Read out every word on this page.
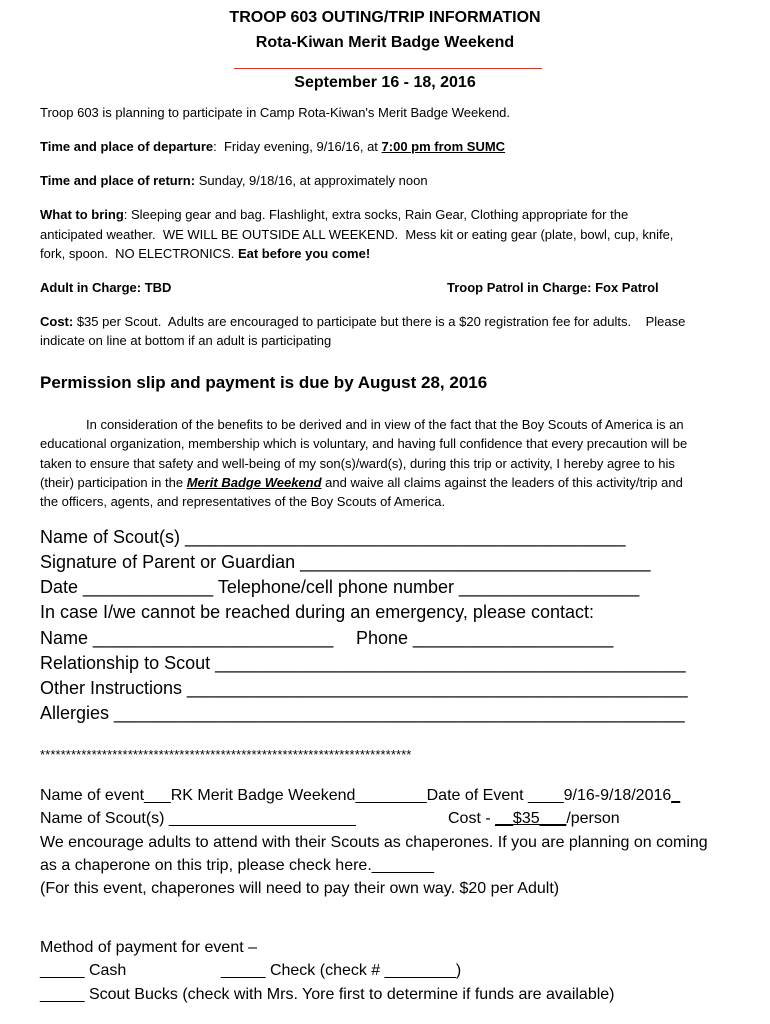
TROOP 603 OUTING/TRIP INFORMATION
Rota-Kiwan Merit Badge Weekend
September 16 - 18, 2016
Troop 603 is planning to participate in Camp Rota-Kiwan's Merit Badge Weekend.
Time and place of departure:  Friday evening, 9/16/16, at 7:00 pm from SUMC
Time and place of return: Sunday, 9/18/16, at approximately noon
What to bring: Sleeping gear and bag. Flashlight, extra socks, Rain Gear, Clothing appropriate for the
anticipated weather.  WE WILL BE OUTSIDE ALL WEEKEND.  Mess kit or eating gear (plate, bowl, cup, knife,
fork, spoon.  NO ELECTRONICS. Eat before you come!
Adult in Charge: TBD	Troop Patrol in Charge: Fox Patrol
Cost: $35 per Scout.  Adults are encouraged to participate but there is a $20 registration fee for adults.    Please
indicate on line at bottom if an adult is participating
Permission slip and payment is due by August 28, 2016
In consideration of the benefits to be derived and in view of the fact that the Boy Scouts of America is an
educational organization, membership which is voluntary, and having full confidence that every precaution will be
taken to ensure that safety and well-being of my son(s)/ward(s), during this trip or activity, I hereby agree to his
(their) participation in the Merit Badge Weekend and waive all claims against the leaders of this activity/trip and
the officers, agents, and representatives of the Boy Scouts of America.
Name of Scout(s) ____________________________________________
Signature of Parent or Guardian ___________________________________
Date _____________ Telephone/cell phone number __________________
In case I/we cannot be reached during an emergency, please contact:
Name ________________________ Phone ____________________
Relationship to Scout _______________________________________________
Other Instructions __________________________________________________
Allergies _________________________________________________________
************************************************************************
Name of event___RK Merit Badge Weekend________Date of Event ____9/16-9/18/2016_
Name of Scout(s) _____________________	Cost - __$35___/person
We encourage adults to attend with their Scouts as chaperones. If you are planning on coming
as a chaperone on this trip, please check here._______
(For this event, chaperones will need to pay their own way. $20 per Adult)
Method of payment for event –
_____ Cash	_____ Check (check # ________)
_____ Scout Bucks (check with Mrs. Yore first to determine if funds are available)
